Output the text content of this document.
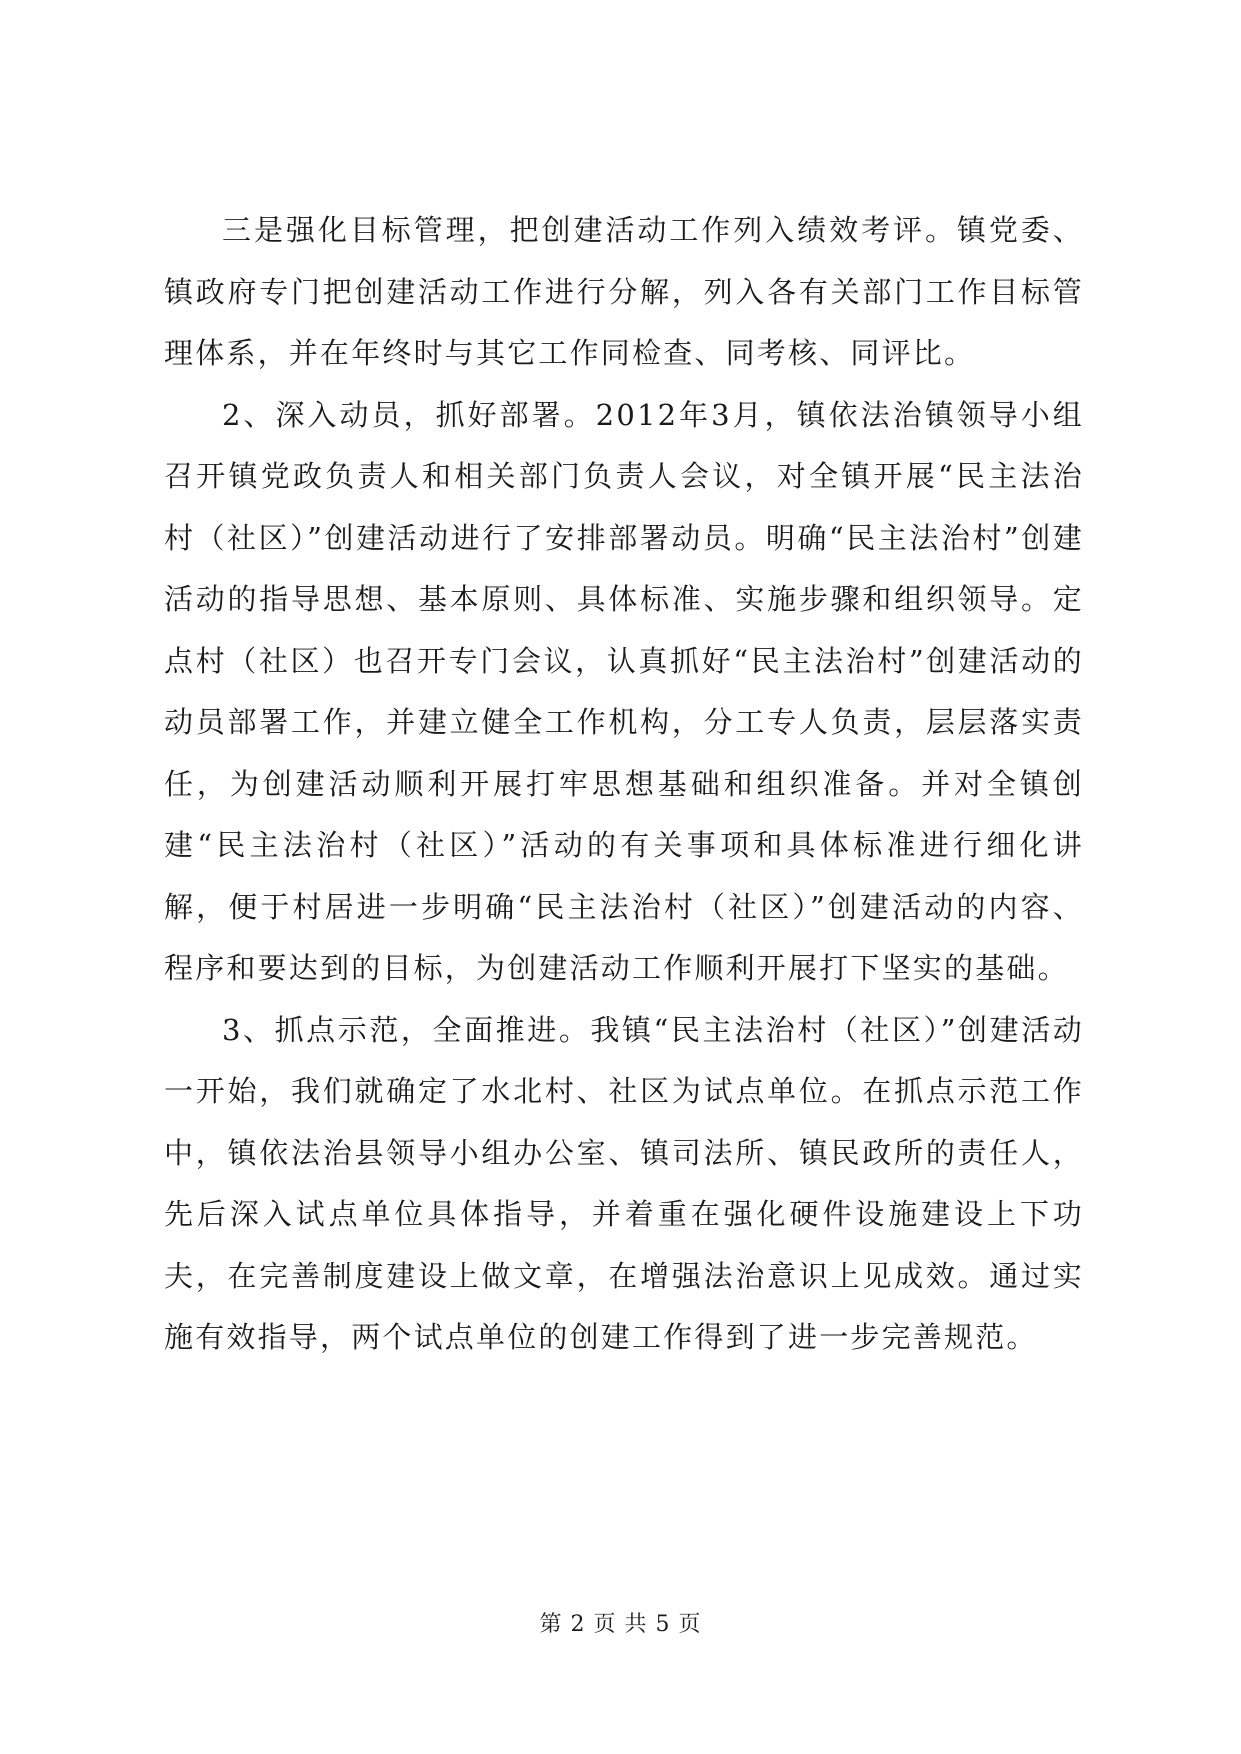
三是强化目标管理，把创建活动工作列入绩效考评。镇党委、镇政府专门把创建活动工作进行分解，列入各有关部门工作目标管理体系，并在年终时与其它工作同检查、同考核、同评比。

2、深入动员，抓好部署。2012年3月，镇依法治镇领导小组召开镇党政负责人和相关部门负责人会议，对全镇开展“民主法治村（社区）”创建活动进行了安排部署动员。明确“民主法治村”创建活动的指导思想、基本原则、具体标准、实施步骤和组织领导。定点村（社区）也召开专门会议，认真抓好“民主法治村”创建活动的动员部署工作，并建立健全工作机构，分工专人负责，层层落实责任，为创建活动顺利开展打牢思想基础和组织准备。并对全镇创建“民主法治村（社区）”活动的有关事项和具体标准进行细化讲解，便于村居进一步明确“民主法治村（社区）”创建活动的内容、程序和要达到的目标，为创建活动工作顺利开展打下坚实的基础。

3、抓点示范，全面推进。我镇“民主法治村（社区）”创建活动一开始，我们就确定了水北村、社区为试点单位。在抓点示范工作中，镇依法治县领导小组办公室、镇司法所、镇民政所的责任人，先后深入试点单位具体指导，并着重在强化硬件设施建设上下功夫，在完善制度建设上做文章，在增强法治意识上见成效。通过实施有效指导，两个试点单位的创建工作得到了进一步完善规范。

第 2 页 共 5 页
